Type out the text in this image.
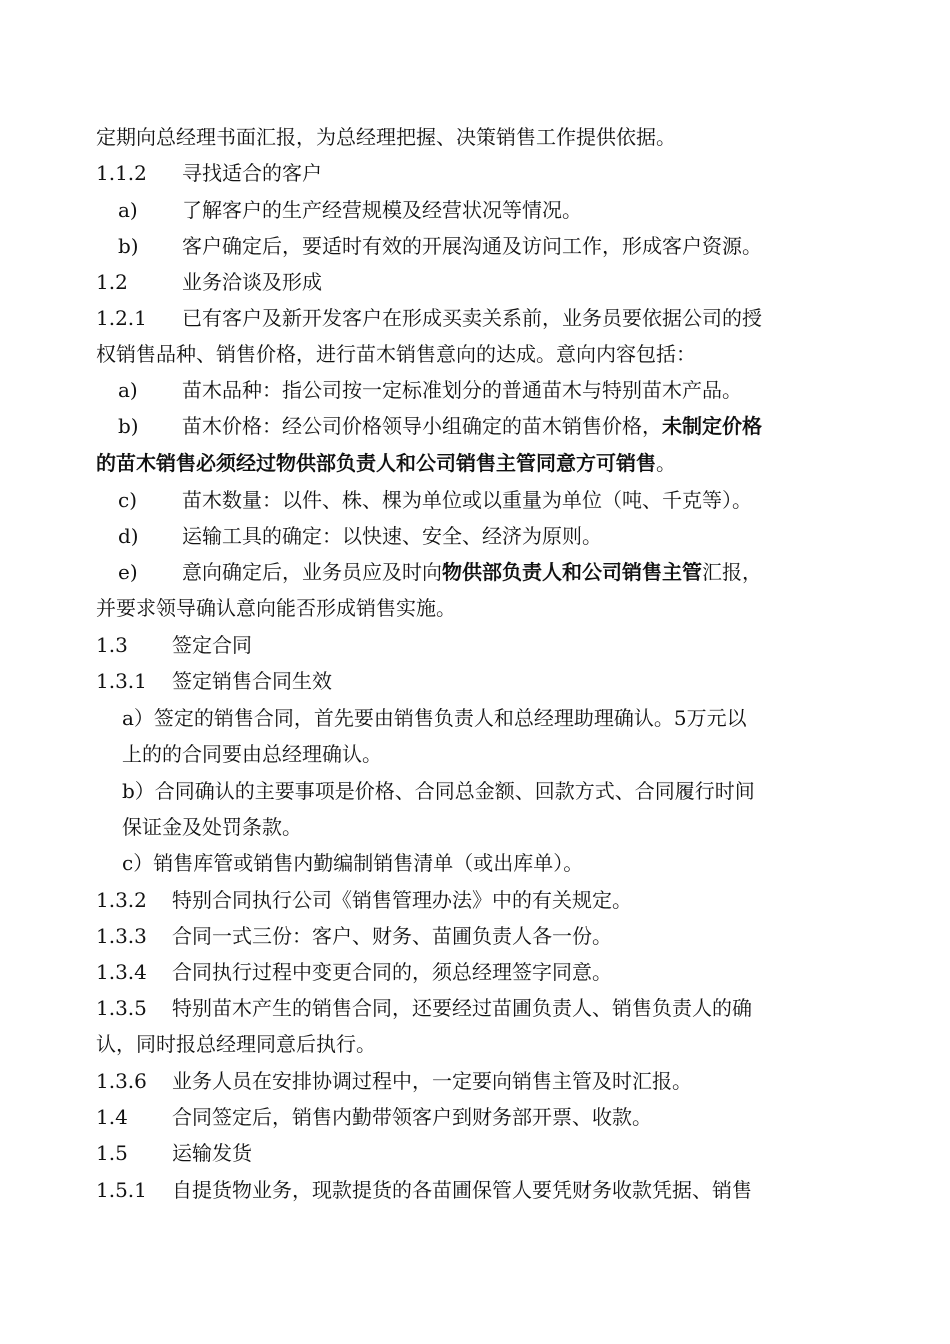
定期向总经理书面汇报，为总经理把握、决策销售工作提供依据。
1.1.2 寻找适合的客户
a) 了解客户的生产经营规模及经营状况等情况。
b) 客户确定后，要适时有效的开展沟通及访问工作，形成客户资源。
1.2	业务洽谈及形成
1.2.1 已有客户及新开发客户在形成买卖关系前，业务员要依据公司的授
权销售品种、销售价格，进行苗木销售意向的达成。意向内容包括：
a) 苗木品种：指公司按一定标准划分的普通苗木与特别苗木产品。
b) 苗木价格：经公司价格领导小组确定的苗木销售价格，未制定价格
的苗木销售必须经过物供部负责人和公司销售主管同意方可销售。
c) 苗木数量：以件、株、棵为单位或以重量为单位（吨、千克等）。
d) 运输工具的确定：以快速、安全、经济为原则。
e) 意向确定后，业务员应及时向物供部负责人和公司销售主管汇报，
并要求领导确认意向能否形成销售实施。
1.3 签定合同
1.3.1 签定销售合同生效
a）签定的销售合同，首先要由销售负责人和总经理助理确认。5万元以
上的的合同要由总经理确认。
b）合同确认的主要事项是价格、合同总金额、回款方式、合同履行时间
保证金及处罚条款。
c）销售库管或销售内勤编制销售清单（或出库单）。
1.3.2 特别合同执行公司《销售管理办法》中的有关规定。
1.3.3 合同一式三份：客户、财务、苗圃负责人各一份。
1.3.4 合同执行过程中变更合同的，须总经理签字同意。
1.3.5 特别苗木产生的销售合同，还要经过苗圃负责人、销售负责人的确
认，同时报总经理同意后执行。
1.3.6 业务人员在安排协调过程中，一定要向销售主管及时汇报。
1.4 合同签定后，销售内勤带领客户到财务部开票、收款。
1.5 运输发货
1.5.1 自提货物业务，现款提货的各苗圃保管人要凭财务收款凭据、销售
